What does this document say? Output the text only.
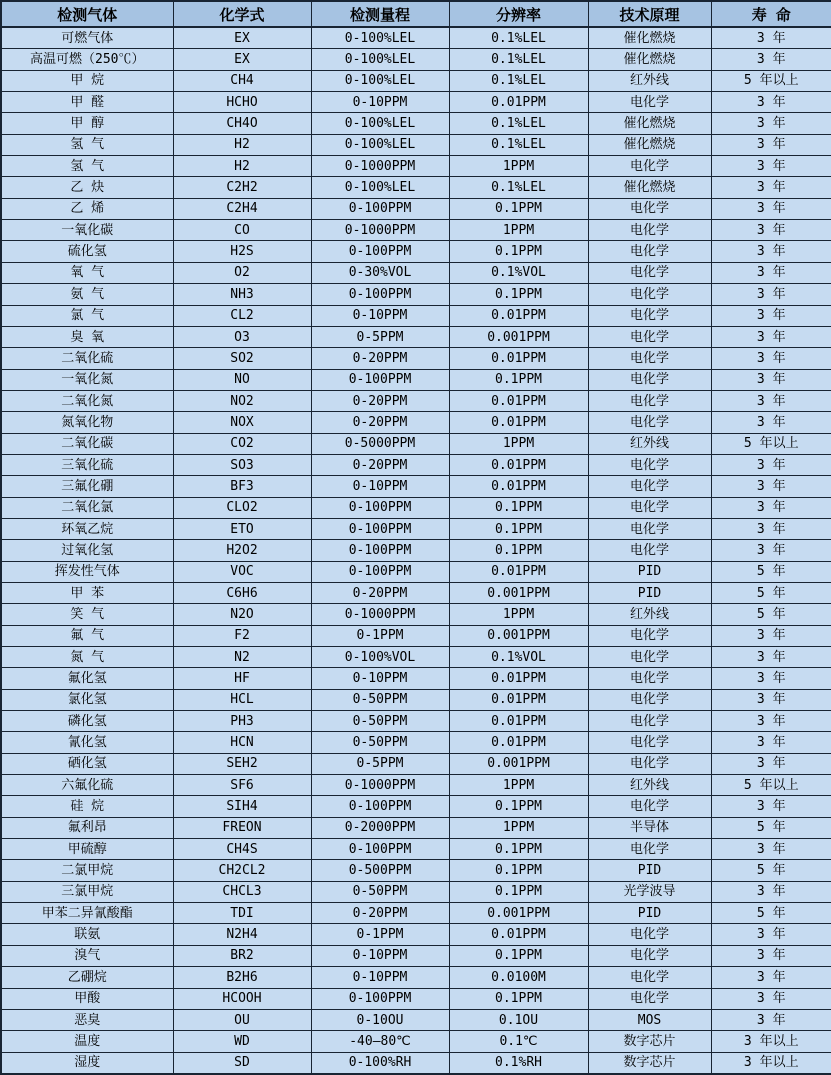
检测气体	化学式	检测量程	分辨率	技术原理	寿 命
可燃气体	EX	0-100%LEL	0.1%LEL	催化燃烧	3 年
高温可燃（250℃）	EX	0-100%LEL	0.1%LEL	催化燃烧	3 年
甲 烷	CH4	0-100%LEL	0.1%LEL	红外线	5 年以上
甲 醛	HCHO	0-10PPM	0.01PPM	电化学	3 年
甲 醇	CH4O	0-100%LEL	0.1%LEL	催化燃烧	3 年
氢 气	H2	0-100%LEL	0.1%LEL	催化燃烧	3 年
氢 气	H2	0-1000PPM	1PPM	电化学	3 年
乙 炔	C2H2	0-100%LEL	0.1%LEL	催化燃烧	3 年
乙 烯	C2H4	0-100PPM	0.1PPM	电化学	3 年
一氧化碳	CO	0-1000PPM	1PPM	电化学	3 年
硫化氢	H2S	0-100PPM	0.1PPM	电化学	3 年
氧 气	O2	0-30%VOL	0.1%VOL	电化学	3 年
氨 气	NH3	0-100PPM	0.1PPM	电化学	3 年
氯 气	CL2	0-10PPM	0.01PPM	电化学	3 年
臭 氧	O3	0-5PPM	0.001PPM	电化学	3 年
二氧化硫	SO2	0-20PPM	0.01PPM	电化学	3 年
一氧化氮	NO	0-100PPM	0.1PPM	电化学	3 年
二氧化氮	NO2	0-20PPM	0.01PPM	电化学	3 年
氮氧化物	NOX	0-20PPM	0.01PPM	电化学	3 年
二氧化碳	CO2	0-5000PPM	1PPM	红外线	5 年以上
三氧化硫	SO3	0-20PPM	0.01PPM	电化学	3 年
三氟化硼	BF3	0-10PPM	0.01PPM	电化学	3 年
二氧化氯	CLO2	0-100PPM	0.1PPM	电化学	3 年
环氧乙烷	ETO	0-100PPM	0.1PPM	电化学	3 年
过氧化氢	H2O2	0-100PPM	0.1PPM	电化学	3 年
挥发性气体	VOC	0-100PPM	0.01PPM	PID	5 年
甲 苯	C6H6	0-20PPM	0.001PPM	PID	5 年
笑 气	N2O	0-1000PPM	1PPM	红外线	5 年
氟 气	F2	0-1PPM	0.001PPM	电化学	3 年
氮 气	N2	0-100%VOL	0.1%VOL	电化学	3 年
氟化氢	HF	0-10PPM	0.01PPM	电化学	3 年
氯化氢	HCL	0-50PPM	0.01PPM	电化学	3 年
磷化氢	PH3	0-50PPM	0.01PPM	电化学	3 年
氰化氢	HCN	0-50PPM	0.01PPM	电化学	3 年
硒化氢	SEH2	0-5PPM	0.001PPM	电化学	3 年
六氟化硫	SF6	0-1000PPM	1PPM	红外线	5 年以上
硅 烷	SIH4	0-100PPM	0.1PPM	电化学	3 年
氟利昂	FREON	0-2000PPM	1PPM	半导体	5 年
甲硫醇	CH4S	0-100PPM	0.1PPM	电化学	3 年
二氯甲烷	CH2CL2	0-500PPM	0.1PPM	PID	5 年
三氯甲烷	CHCL3	0-50PPM	0.1PPM	光学波导	3 年
甲苯二异氰酸酯	TDI	0-20PPM	0.001PPM	PID	5 年
联氨	N2H4	0-1PPM	0.01PPM	电化学	3 年
溴气	BR2	0-10PPM	0.1PPM	电化学	3 年
乙硼烷	B2H6	0-10PPM	0.0100M	电化学	3 年
甲酸	HCOOH	0-100PPM	0.1PPM	电化学	3 年
恶臭	OU	0-10OU	0.1OU	MOS	3 年
温度	WD	-40—80℃	0.1℃	数字芯片	3 年以上
湿度	SD	0-100%RH	0.1%RH	数字芯片	3 年以上
